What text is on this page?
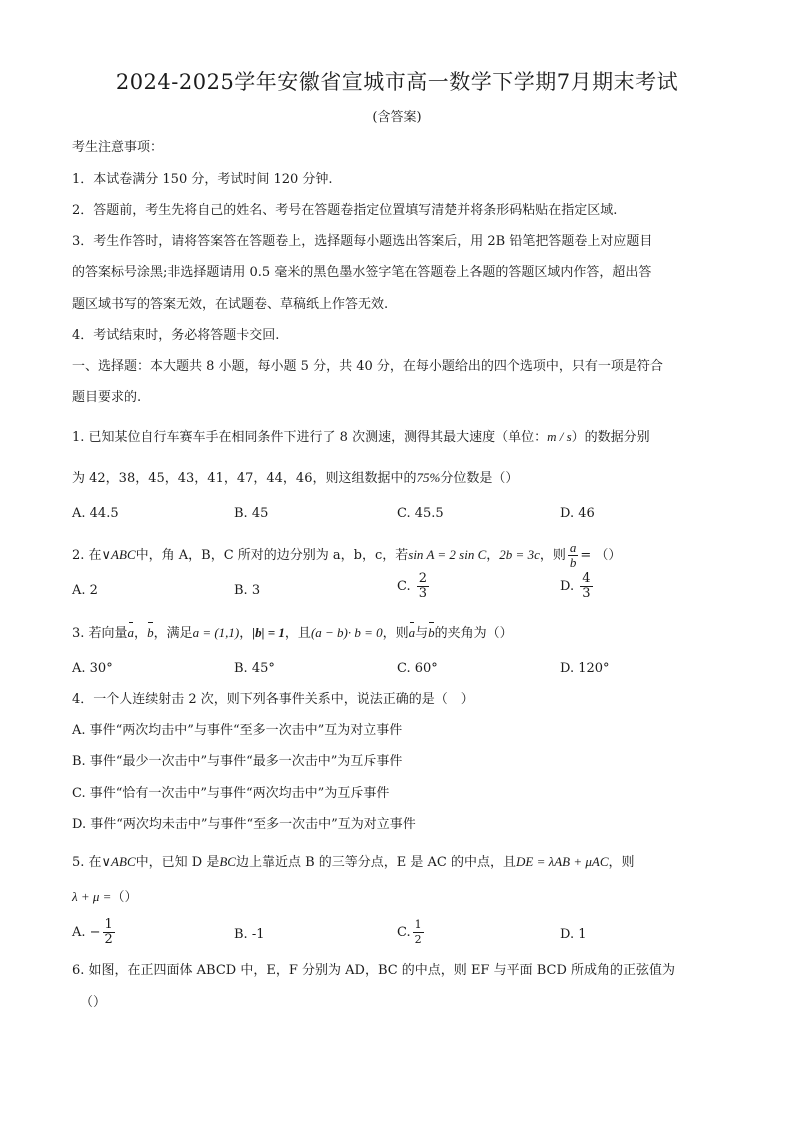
2024-2025学年安徽省宣城市高一数学下学期7月期末考试
(含答案)
考生注意事项：
1．本试卷满分 150 分，考试时间 120 分钟.
2．答题前，考生先将自己的姓名、考号在答题卷指定位置填写清楚并将条形码粘贴在指定区域.
3．考生作答时，请将答案答在答题卷上，选择题每小题选出答案后，用 2B 铅笔把答题卷上对应题目
的答案标号涂黑;非选择题请用 0.5 毫米的黑色墨水签字笔在答题卷上各题的答题区域内作答，超出答
题区域书写的答案无效，在试题卷、草稿纸上作答无效.
4．考试结束时，务必将答题卡交回.
一、选择题：本大题共 8 小题，每小题 5 分，共 40 分，在每小题给出的四个选项中，只有一项是符合
题目要求的.
1. 已知某位自行车赛车手在相同条件下进行了 8 次测速，测得其最大速度（单位：m / s）的数据分别
为 42，38，45，43，41，47，44，46，则这组数据中的75%分位数是（）
A. 44.5	B. 45	C. 45.5	D. 46
2. 在∨ABC中，角 A，B，C 所对的边分别为 a，b，c，若sin A = 2 sin C，2b = 3c，则 $\frac{a}{b}$ = （）
A. 2	B. 3	C. $\frac{2}{3}$	D. $\frac{4}{3}$
3. 若向量a，b，满足a = (1,1)，|b| = 1，且(a − b)· b = 0，则a与b的夹角为（）
A. 30°	B. 45°	C. 60°	D. 120°
4．一个人连续射击 2 次，则下列各事件关系中，说法正确的是（　）
A. 事件“两次均击中”与事件“至多一次击中”互为对立事件
B. 事件“最少一次击中”与事件“最多一次击中”为互斥事件
C. 事件“恰有一次击中”与事件“两次均击中”为互斥事件
D. 事件“两次均未击中”与事件“至多一次击中”互为对立事件
5. 在∨ABC中，已知 D 是BC边上靠近点 B 的三等分点，E 是 AC 的中点，且DE = λAB + μAC，则
λ + μ =（）
A. − $\frac{1}{2}$	B. -1	C. $\frac{1}{2}$	D. 1
6. 如图，在正四面体 ABCD 中，E，F 分别为 AD，BC 的中点，则 EF 与平面 BCD 所成角的正弦值为
（）
